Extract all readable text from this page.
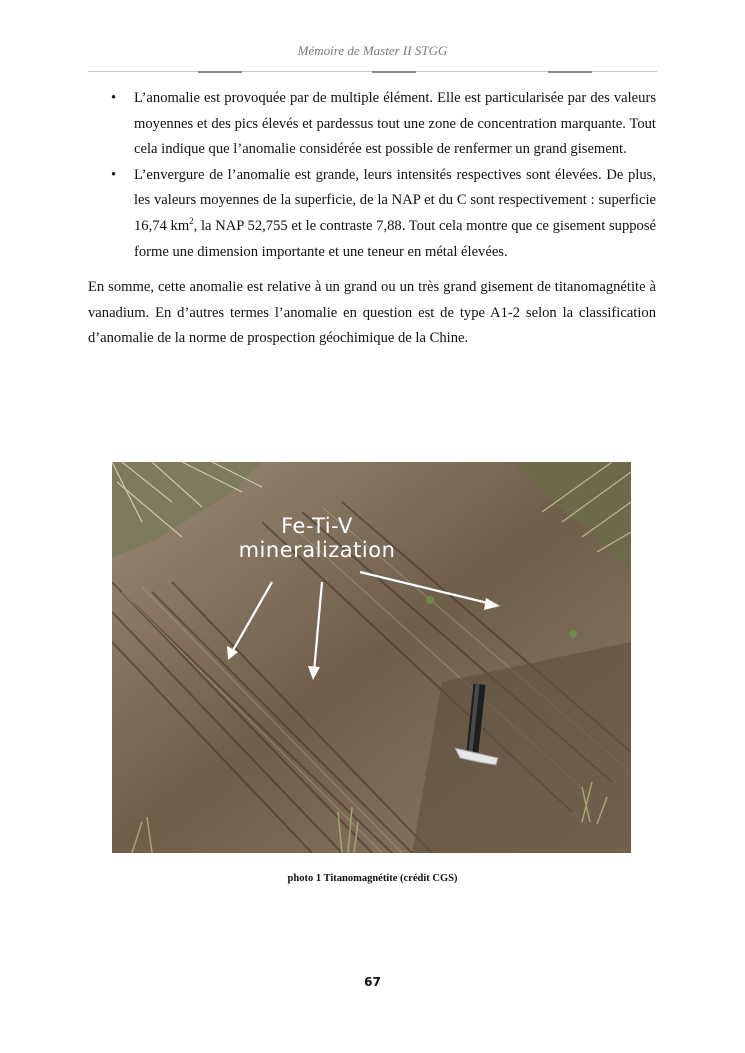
Mémoire de Master II STGG
• L’anomalie est provoquée par de multiple élément. Elle est particularisée par des valeurs moyennes et des pics élevés et pardessus tout une zone de concentration marquante. Tout cela indique que l’anomalie considérée est possible de renfermer un grand gisement.
• L’envergure de l’anomalie est grande, leurs intensités respectives sont élevées. De plus, les valeurs moyennes de la superficie, de la NAP et du C sont respectivement : superficie 16,74 $km^2$, la NAP 52,755 et le contraste 7,88. Tout cela montre que ce gisement supposé forme une dimension importante et une teneur en métal élevées.

En somme, cette anomalie est relative à un grand ou un très grand gisement de titanomagnétite à vanadium. En d’autres termes l’anomalie en question est de type A1-2 selon la classification d’anomalie de la norme de prospection géochimique de la Chine.

Fe-Ti-V
mineralization
photo 1 Titanomagnétite (crédit CGS)
67
